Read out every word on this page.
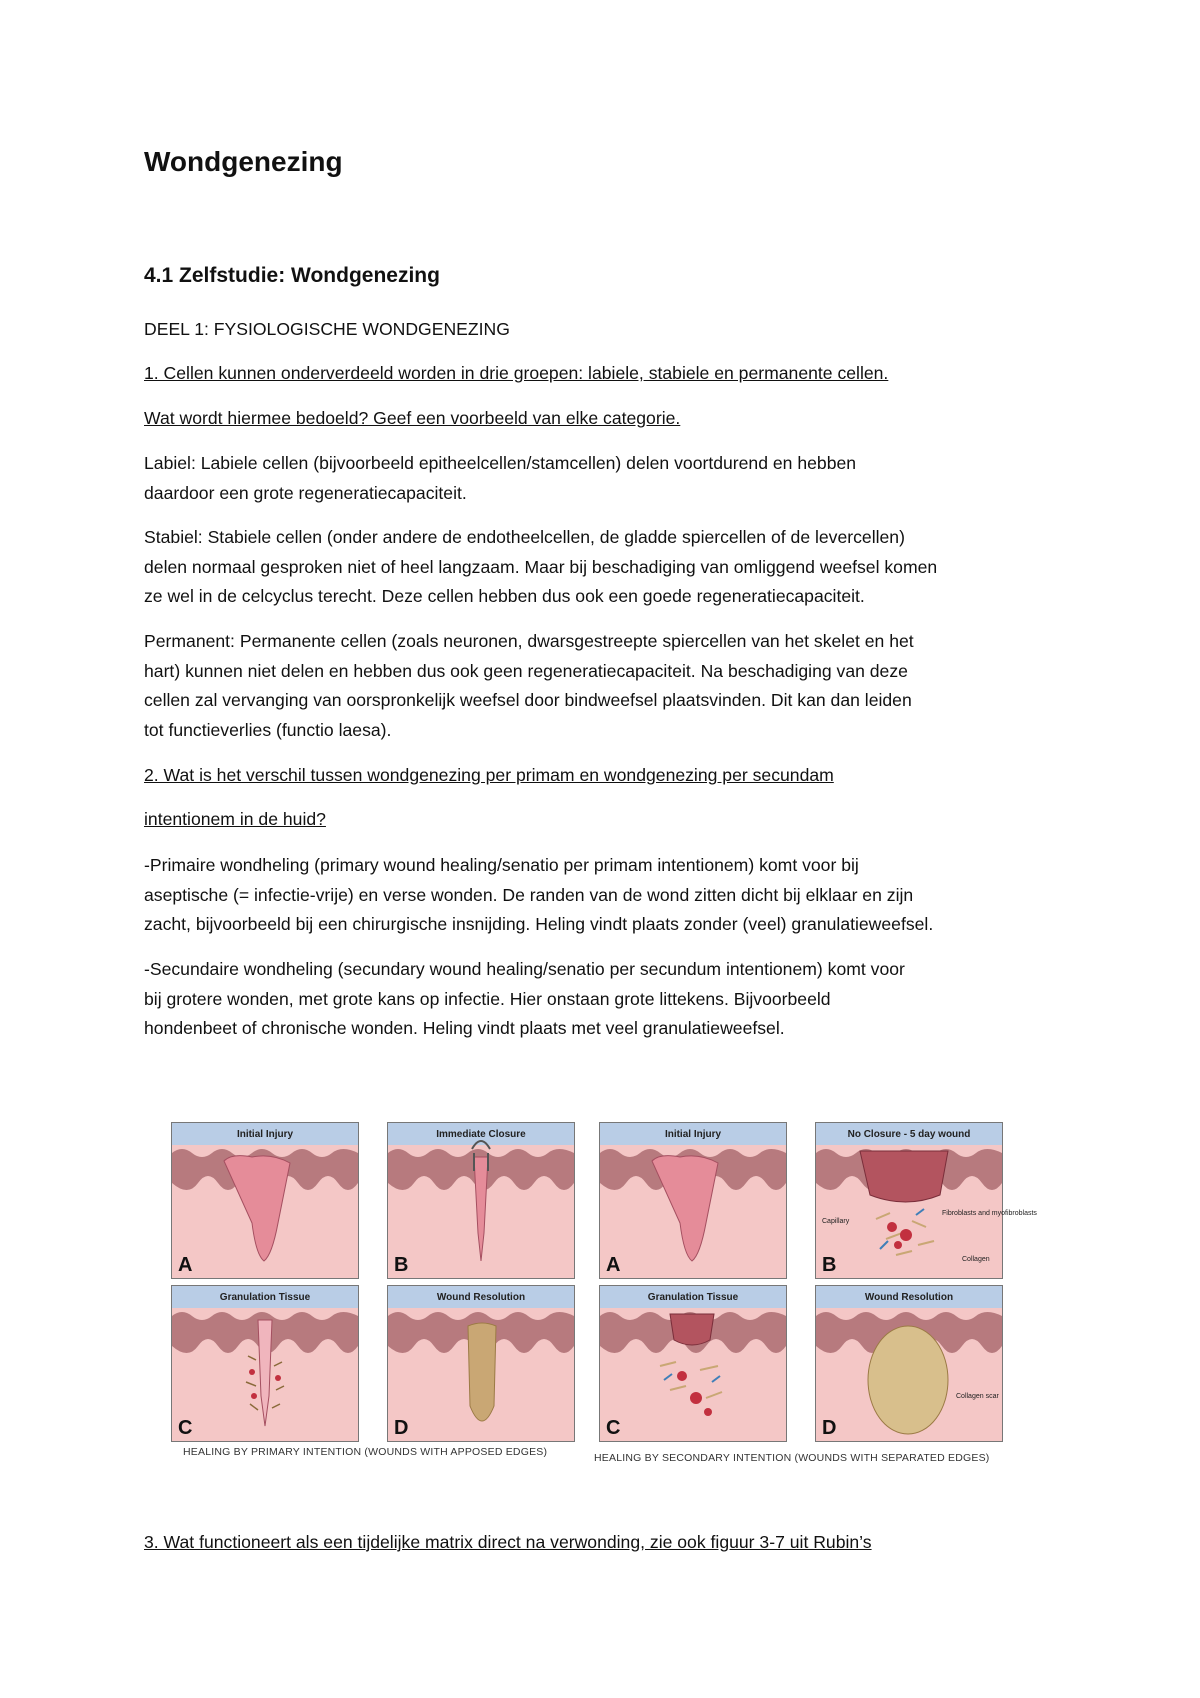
Wondgenezing
4.1 Zelfstudie: Wondgenezing

DEEL 1: FYSIOLOGISCHE WONDGENEZING

1. Cellen kunnen onderverdeeld worden in drie groepen: labiele, stabiele en permanente cellen.

Wat wordt hiermee bedoeld? Geef een voorbeeld van elke categorie.

Labiel: Labiele cellen (bijvoorbeeld epitheelcellen/stamcellen) delen voortdurend en hebben
daardoor een grote regeneratiecapaciteit.
Stabiel: Stabiele cellen (onder andere de endotheelcellen, de gladde spiercellen of de levercellen)
delen normaal gesproken niet of heel langzaam. Maar bij beschadiging van omliggend weefsel komen
ze wel in de celcyclus terecht. Deze cellen hebben dus ook een goede regeneratiecapaciteit.
Permanent: Permanente cellen (zoals neuronen, dwarsgestreepte spiercellen van het skelet en het
hart) kunnen niet delen en hebben dus ook geen regeneratiecapaciteit. Na beschadiging van deze
cellen zal vervanging van oorspronkelijk weefsel door bindweefsel plaatsvinden. Dit kan dan leiden
tot functieverlies (functio laesa).

2. Wat is het verschil tussen wondgenezing per primam en wondgenezing per secundam

intentionem in de huid?

-Primaire wondheling (primary wound healing/senatio per primam intentionem) komt voor bij
aseptische (= infectie-vrije) en verse wonden. De randen van de wond zitten dicht bij elklaar en zijn
zacht, bijvoorbeeld bij een chirurgische insnijding. Heling vindt plaats zonder (veel) granulatieweefsel.
-Secundaire wondheling (secundary wound healing/senatio per secundum intentionem) komt voor
bij grotere wonden, met grote kans op infectie. Hier onstaan grote littekens. Bijvoorbeeld
hondenbeet of chronische wonden. Heling vindt plaats met veel granulatieweefsel.

3. Wat functioneert als een tijdelijke matrix direct na verwonding, zie ook figuur 3-7 uit Rubin’s

Initial Injury
A
Immediate Closure
B
Granulation Tissue
C
Wound Resolution
D
HEALING BY PRIMARY INTENTION (WOUNDS WITH APPOSED EDGES)
Initial Injury
A
No Closure - 5 day wound
Capillary
Fibroblasts and myofibroblasts
Collagen
B
Granulation Tissue
C
Wound Resolution
Collagen scar
D
HEALING BY SECONDARY INTENTION (WOUNDS WITH SEPARATED EDGES)
